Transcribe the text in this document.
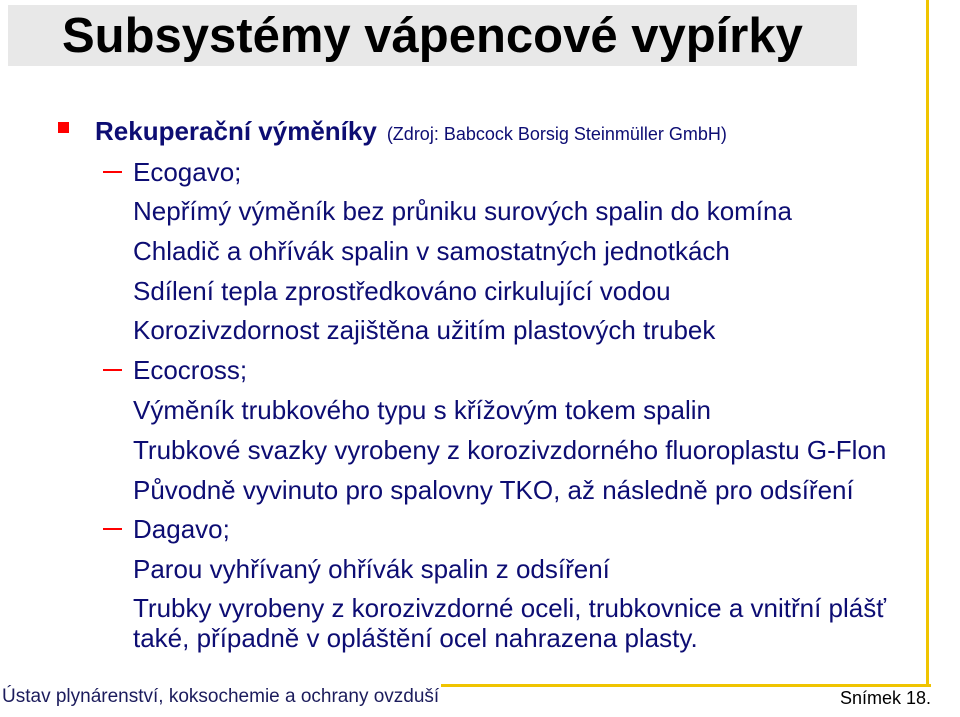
Subsystémy vápencové vypírky
Rekuperační výměníky (Zdroj: Babcock Borsig Steinmüller GmbH)
Ecogavo;
Nepřímý výměník bez průniku surových spalin do komína
Chladič a ohřívák spalin v samostatných jednotkách
Sdílení tepla zprostředkováno cirkulující vodou
Korozivzdornost zajištěna užitím plastových trubek
Ecocross;
Výměník trubkového typu s křížovým tokem spalin
Trubkové svazky vyrobeny z korozivzdorného fluoroplastu G-Flon
Původně vyvinuto pro spalovny TKO, až následně pro odsíření
Dagavo;
Parou vyhřívaný ohřívák spalin z odsíření
Trubky vyrobeny z korozivzdorné oceli, trubkovnice a vnitřní plášť také, případně v opláštění ocel nahrazena plasty.
Ústav plynárenství, koksochemie a ochrany ovzduší	Snímek 18.
